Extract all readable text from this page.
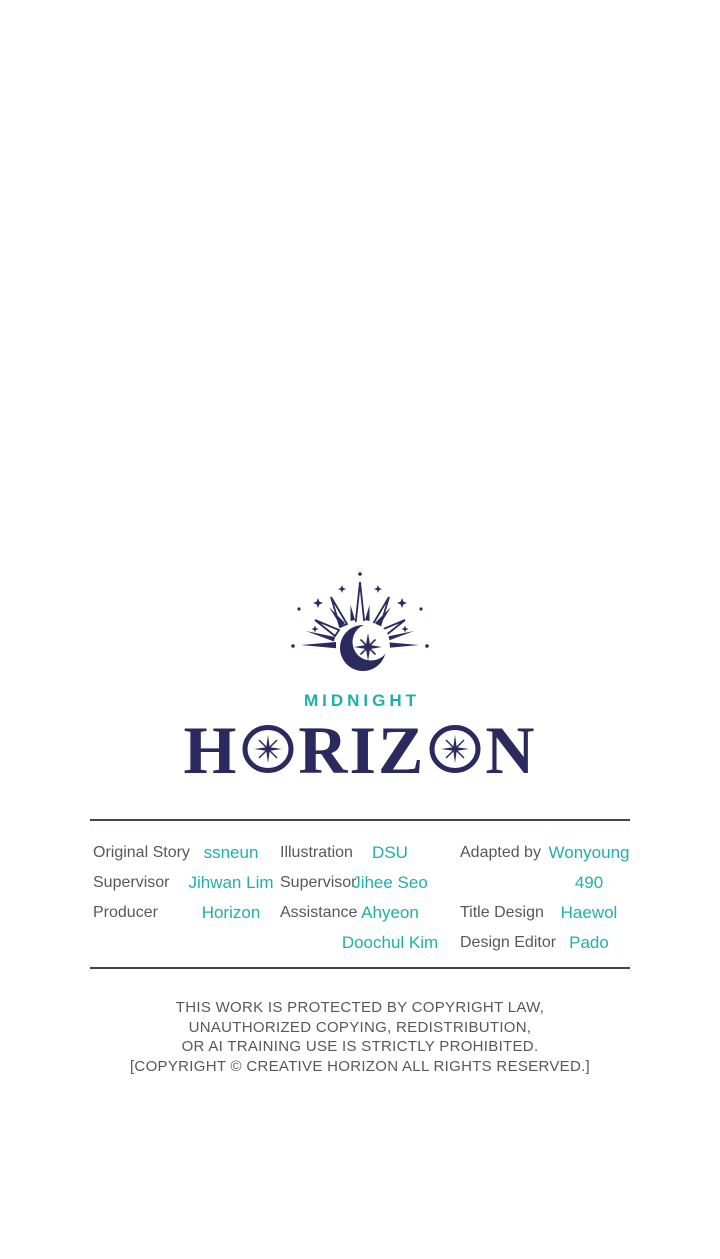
MIDNIGHT
H RIZ N
Original Story
Supervisor
Producer
ssneun
Jihwan Lim
Horizon
Illustration
Supervisor
Assistance
DSU
Jihee Seo
Ahyeon
Doochul Kim
Adapted by
Title Design
Design Editor
Wonyoung
490
Haewol
Pado
THIS WORK IS PROTECTED BY COPYRIGHT LAW,
UNAUTHORIZED COPYING, REDISTRIBUTION,
OR AI TRAINING USE IS STRICTLY PROHIBITED.
[COPYRIGHT © CREATIVE HORIZON ALL RIGHTS RESERVED.]
